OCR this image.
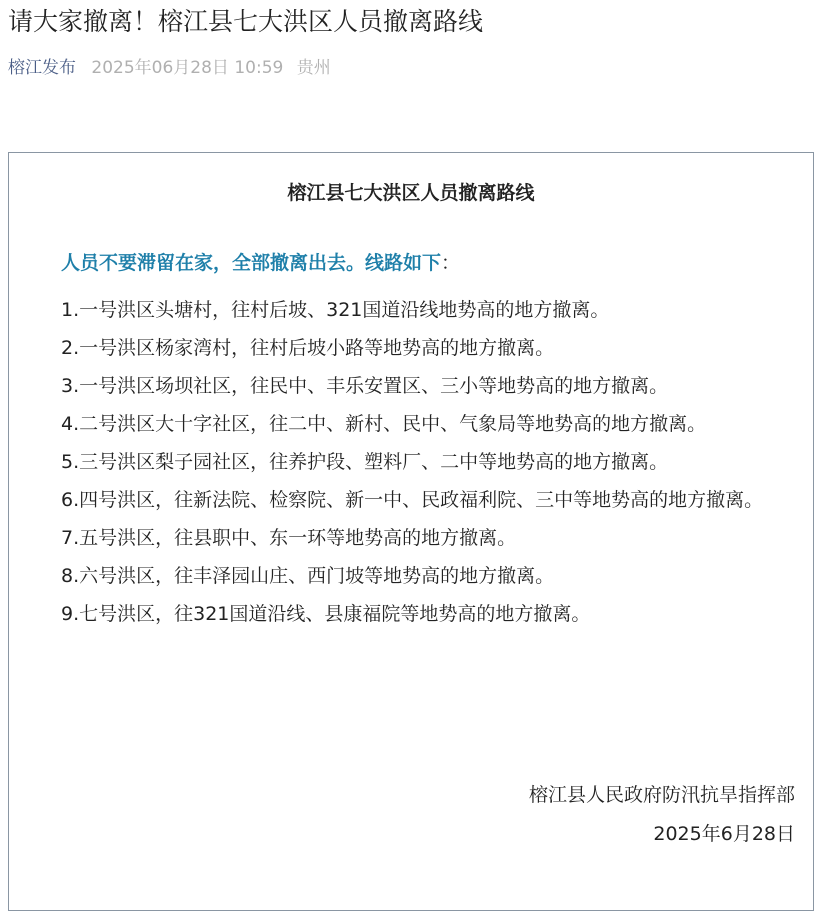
请大家撤离！榕江县七大洪区人员撤离路线
榕江发布 2025年06月28日 10:59 贵州
榕江县七大洪区人员撤离路线
人员不要滞留在家，全部撤离出去。线路如下：
1.一号洪区头塘村，往村后坡、321国道沿线地势高的地方撤离。
2.一号洪区杨家湾村，往村后坡小路等地势高的地方撤离。
3.一号洪区场坝社区，往民中、丰乐安置区、三小等地势高的地方撤离。
4.二号洪区大十字社区，往二中、新村、民中、气象局等地势高的地方撤离。
5.三号洪区梨子园社区，往养护段、塑料厂、二中等地势高的地方撤离。
6.四号洪区，往新法院、检察院、新一中、民政福利院、三中等地势高的地方撤离。
7.五号洪区，往县职中、东一环等地势高的地方撤离。
8.六号洪区，往丰泽园山庄、西门坡等地势高的地方撤离。
9.七号洪区，往321国道沿线、县康福院等地势高的地方撤离。
榕江县人民政府防汛抗旱指挥部
2025年6月28日
